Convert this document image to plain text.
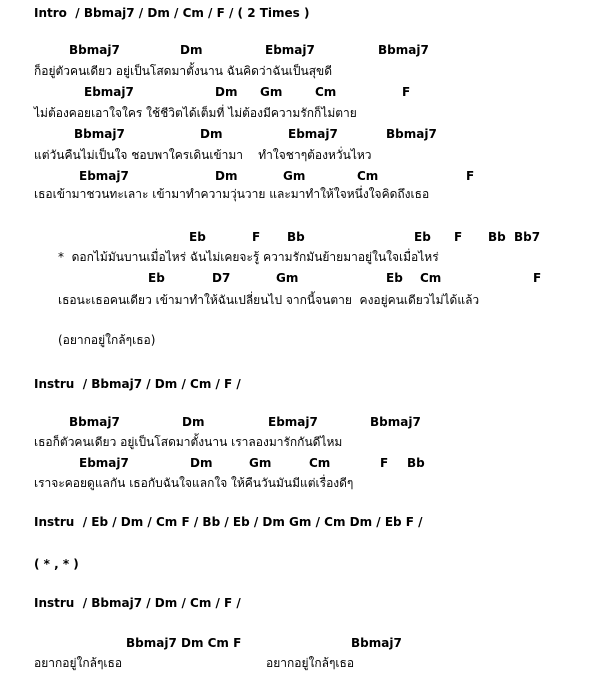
Intro  / Bbmaj7 / Dm / Cm / F / ( 2 Times )
Bbmaj7	Dm	Ebmaj7	Bbmaj7
ก็อยู่ตัวคนเดียว อยู่เป็นโสดมาตั้งนาน ฉันคิดว่าฉันเป็นสุขดี
Ebmaj7	Dm Gm	Cm	F
ไม่ต้องคอยเอาใจใคร ใช้ชีวิตได้เต็มที่ ไม่ต้องมีความรักก็ไม่ตาย
Bbmaj7	Dm	Ebmaj7	Bbmaj7
แต่วันคืนไม่เป็นใจ ชอบพาใครเดินเข้ามา    ทำใจชาๆต้องหวั่นไหว
Ebmaj7	Dm	Gm	Cm	F
เธอเข้ามาชวนทะเลาะ เข้ามาทำความวุ่นวาย และมาทำให้ใจหนึ่งใจคิดถึงเธอ
Eb	F Bb	Eb F Bb Bb7
*  ดอกไม้มันบานเมื่อไหร่ ฉันไม่เคยจะรู้ ความรักมันย้ายมาอยู่ในใจเมื่อไหร่
Eb	D7	Gm	Eb Cm	F
เธอนะเธอคนเดียว เข้ามาทำให้ฉันเปลี่ยนไป จากนี้จนตาย  คงอยู่คนเดียวไม่ได้แล้ว
(อยากอยู่ใกล้ๆเธอ)
Instru  / Bbmaj7 / Dm / Cm / F /
Bbmaj7	Dm	Ebmaj7	Bbmaj7
เธอก็ตัวคนเดียว อยู่เป็นโสดมาตั้งนาน เราลองมารักกันดีไหม
Ebmaj7	Dm	Gm	Cm	F Bb
เราจะคอยดูแลกัน เธอกับฉันใจแลกใจ ให้คืนวันมันมีแต่เรื่องดีๆ
Instru  / Eb / Dm / Cm F / Bb / Eb / Dm Gm / Cm Dm / Eb F /
( * , * )
Instru  / Bbmaj7 / Dm / Cm / F /
Bbmaj7 Dm Cm F	Bbmaj7
อยากอยู่ใกล้ๆเธอ	อยากอยู่ใกล้ๆเธอ
